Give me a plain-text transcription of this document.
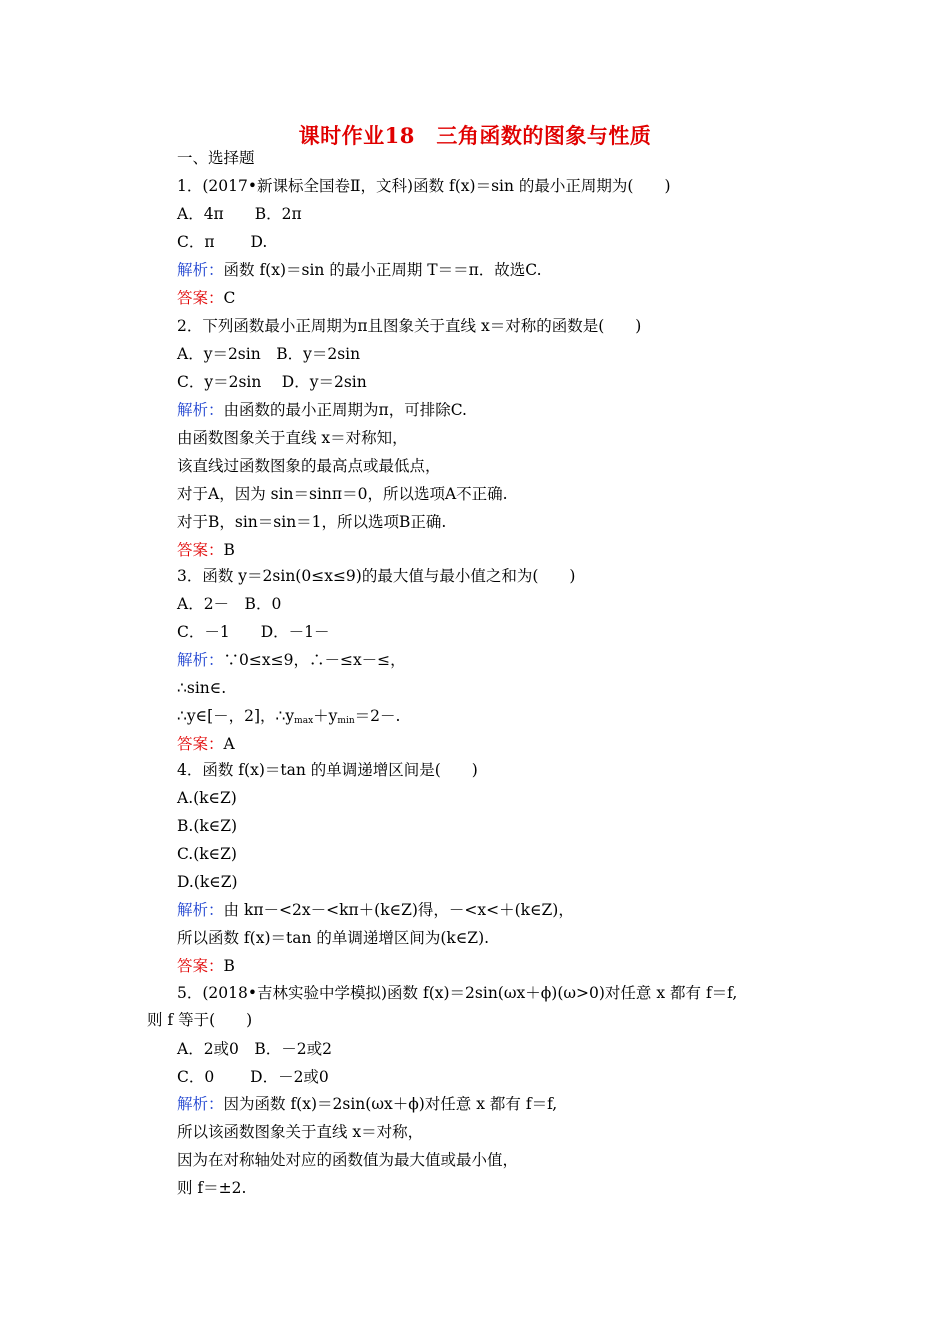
课时作业18　三角函数的图象与性质
一、选择题
1．(2017•新课标全国卷Ⅱ，文科)函数 f(x)＝sin 的最小正周期为(　　)
A．4π　　B．2π
C．π　　 D.
解析：函数 f(x)＝sin 的最小正周期 T＝＝π．故选C.
答案：C
2．下列函数最小正周期为π且图象关于直线 x＝对称的函数是(　　)
A．y＝2sin　B．y＝2sin
C．y＝2sin　 D．y＝2sin
解析：由函数的最小正周期为π，可排除C.
由函数图象关于直线 x＝对称知，
该直线过函数图象的最高点或最低点，
对于A，因为 sin＝sinπ＝0，所以选项A不正确.
对于B，sin＝sin＝1，所以选项B正确.
答案：B
3．函数 y＝2sin(0≤x≤9)的最大值与最小值之和为(　　)
A．2－　B．0
C．－1　　D．－1－
解析：∵0≤x≤9，∴－≤x－≤，
∴sin∈.
∴y∈[－，2]，$\therefore y_{max}+y_{min}=2-$.
答案：A
4．函数 f(x)＝tan 的单调递增区间是(　　)
A.(k∈Z)
B.(k∈Z)
C.(k∈Z)
D.(k∈Z)
解析：由 kπ－<2x－<kπ＋(k∈Z)得，－<x<＋(k∈Z)，
所以函数 f(x)＝tan 的单调递增区间为(k∈Z).
答案：B
5．(2018•吉林实验中学模拟)函数 f(x)＝2sin(ωx＋ϕ)(ω>0)对任意 x 都有 f＝f,
则 f 等于(　　)
A．2或0　B．－2或2
C．0　　 D．－2或0
解析：因为函数 f(x)＝2sin(ωx＋ϕ)对任意 x 都有 f＝f,
所以该函数图象关于直线 x＝对称，
因为在对称轴处对应的函数值为最大值或最小值，
则 f＝±2.
